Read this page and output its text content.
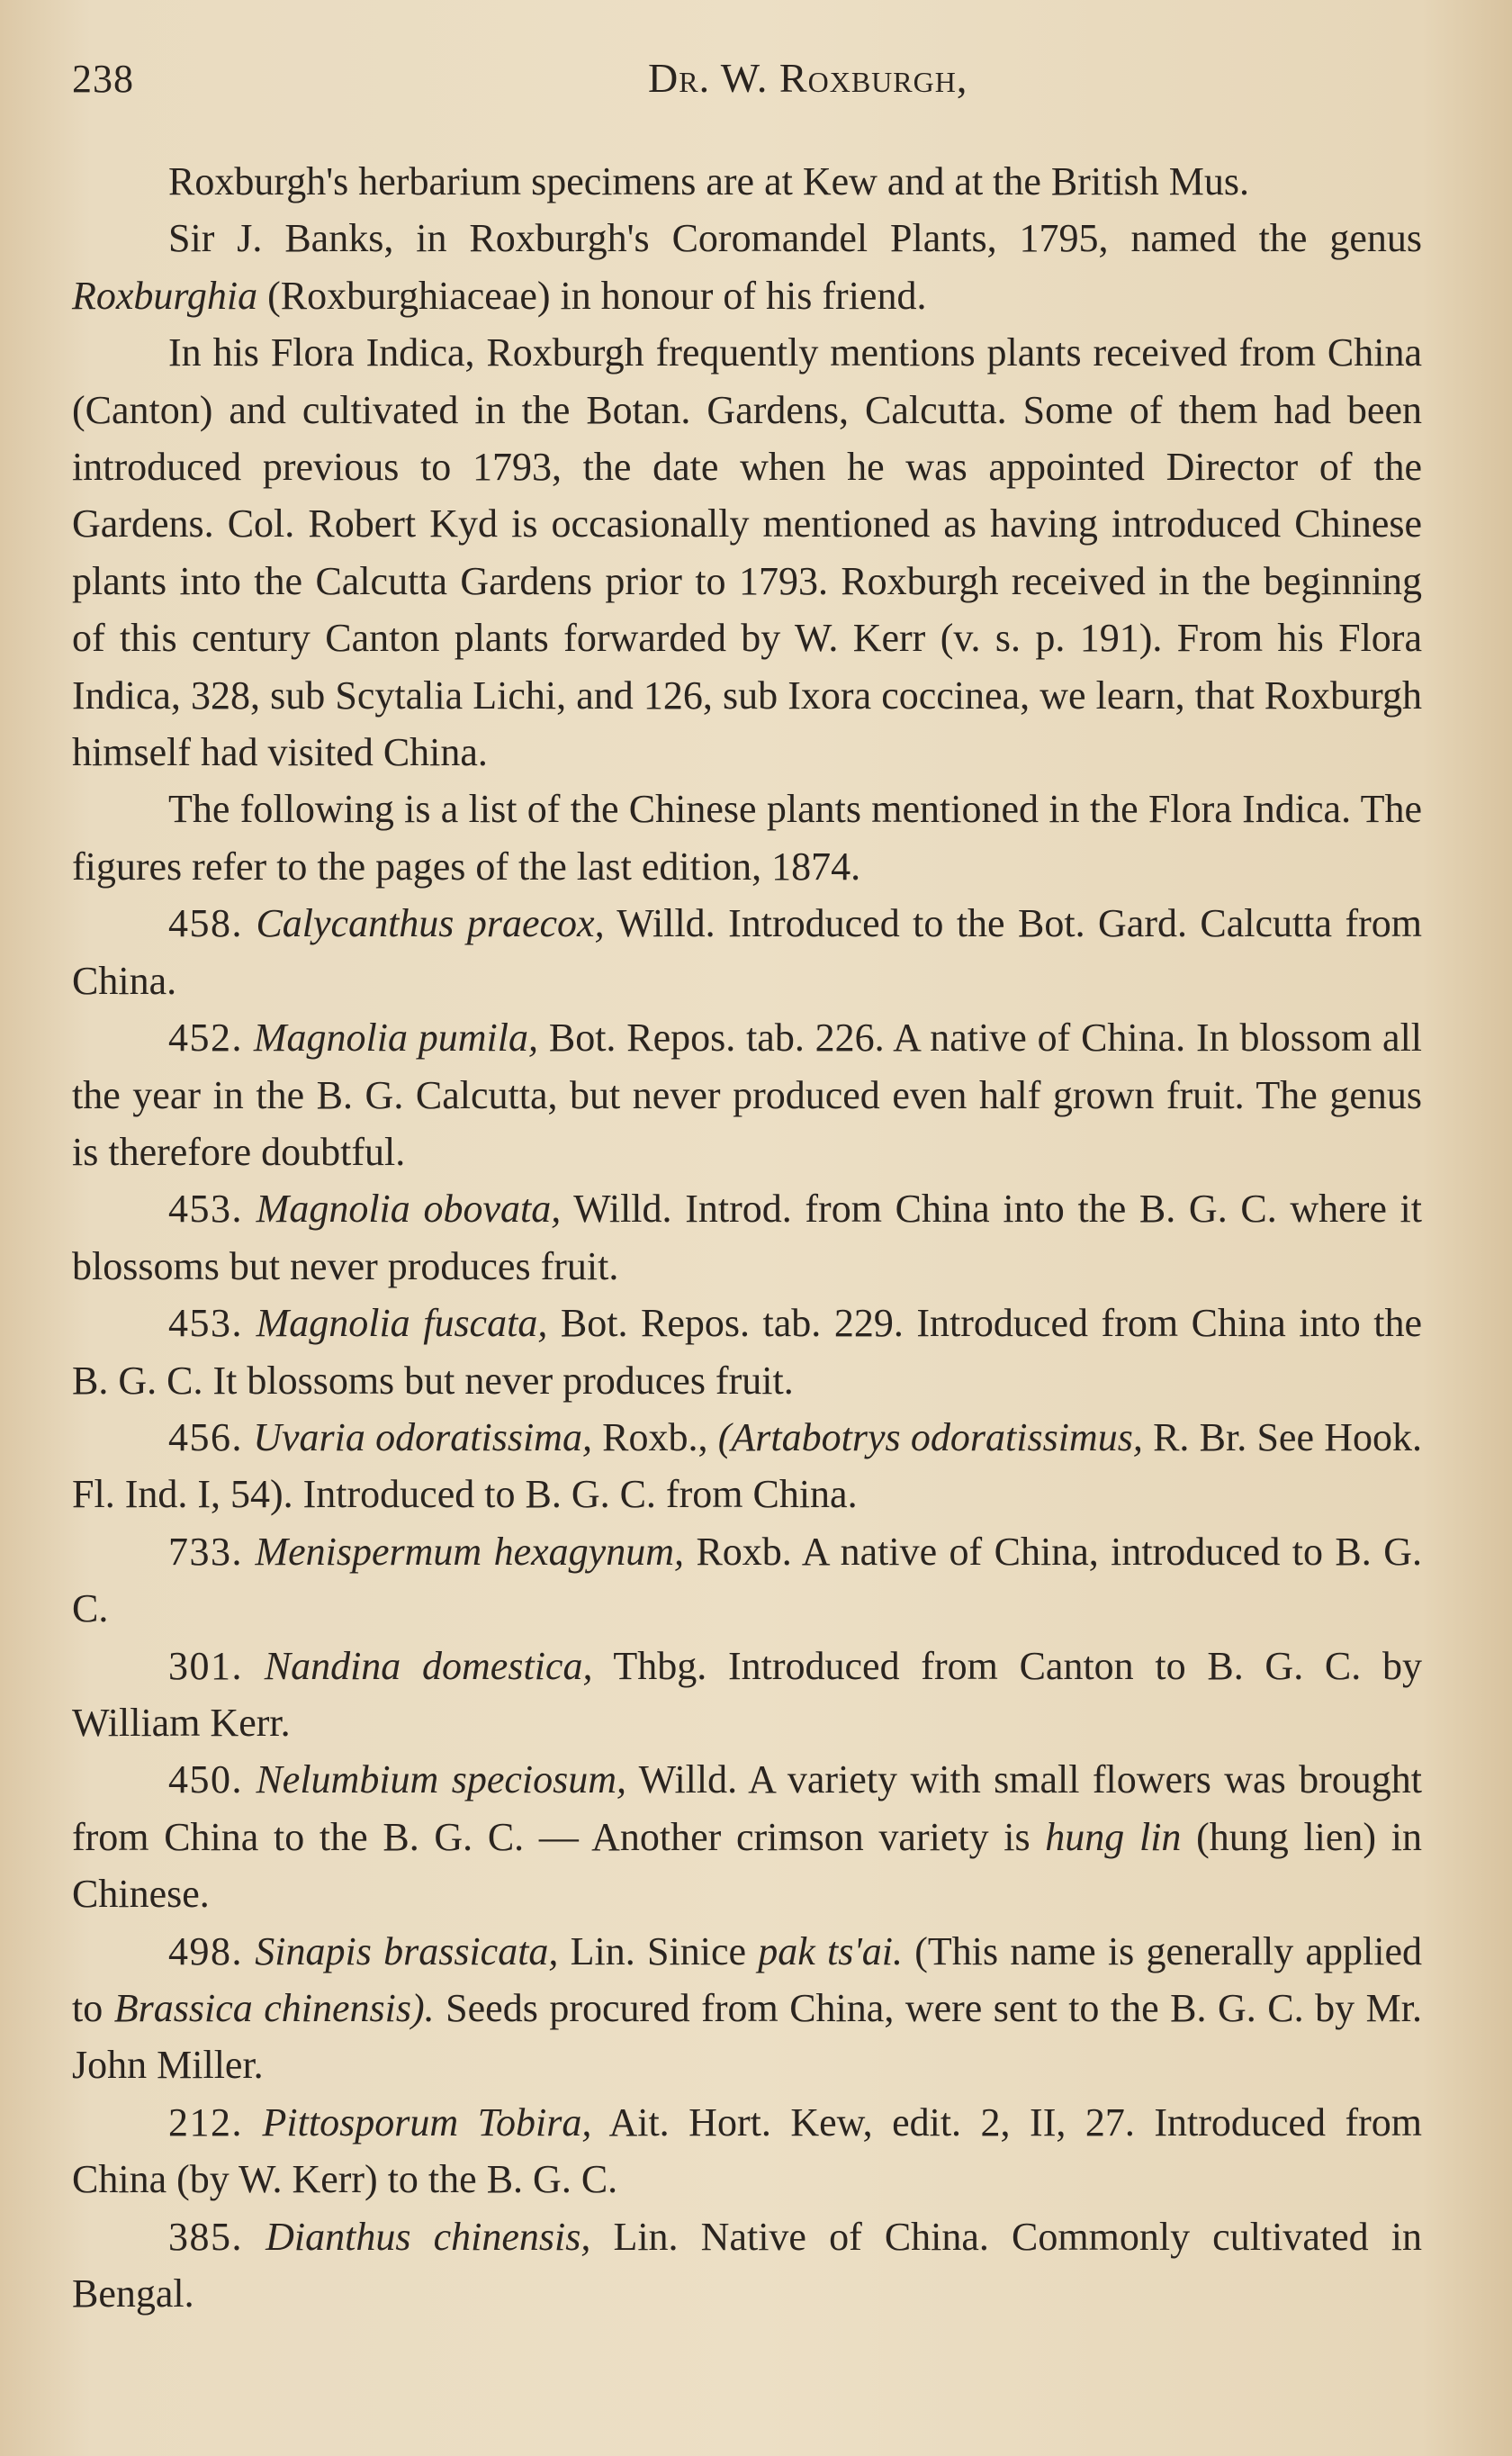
238	Dr. W. Roxburgh,

Roxburgh's herbarium specimens are at Kew and at the British Mus.

Sir J. Banks, in Roxburgh's Coromandel Plants, 1795, named the genus Roxburghia (Roxburghiaceae) in honour of his friend.

In his Flora Indica, Roxburgh frequently mentions plants received from China (Canton) and cultivated in the Botan. Gardens, Calcutta. Some of them had been introduced previous to 1793, the date when he was appointed Director of the Gardens. Col. Robert Kyd is occasionally mentioned as having introduced Chinese plants into the Calcutta Gardens prior to 1793. Roxburgh received in the beginning of this century Canton plants forwarded by W. Kerr (v. s. p. 191). From his Flora Indica, 328, sub Scytalia Lichi, and 126, sub Ixora coccinea, we learn, that Roxburgh himself had visited China.

The following is a list of the Chinese plants mentioned in the Flora Indica. The figures refer to the pages of the last edition, 1874.

458. Calycanthus praecox, Willd. Introduced to the Bot. Gard. Calcutta from China.

452. Magnolia pumila, Bot. Repos. tab. 226. A native of China. In blossom all the year in the B. G. Calcutta, but never produced even half grown fruit. The genus is therefore doubtful.

453. Magnolia obovata, Willd. Introd. from China into the B. G. C. where it blossoms but never produces fruit.

453. Magnolia fuscata, Bot. Repos. tab. 229. Introduced from China into the B. G. C. It blossoms but never produces fruit.

456. Uvaria odoratissima, Roxb., (Artabotrys odoratissimus, R. Br. See Hook. Fl. Ind. I, 54). Introduced to B. G. C. from China.

733. Menispermum hexagynum, Roxb. A native of China, introduced to B. G. C.

301. Nandina domestica, Thbg. Introduced from Canton to B. G. C. by William Kerr.

450. Nelumbium speciosum, Willd. A variety with small flowers was brought from China to the B. G. C. — Another crimson variety is hung lin (hung lien) in Chinese.

498. Sinapis brassicata, Lin. Sinice pak ts'ai. (This name is generally applied to Brassica chinensis). Seeds procured from China, were sent to the B. G. C. by Mr. John Miller.

212. Pittosporum Tobira, Ait. Hort. Kew, edit. 2, II, 27. Introduced from China (by W. Kerr) to the B. G. C.

385. Dianthus chinensis, Lin. Native of China. Commonly cultivated in Bengal.
